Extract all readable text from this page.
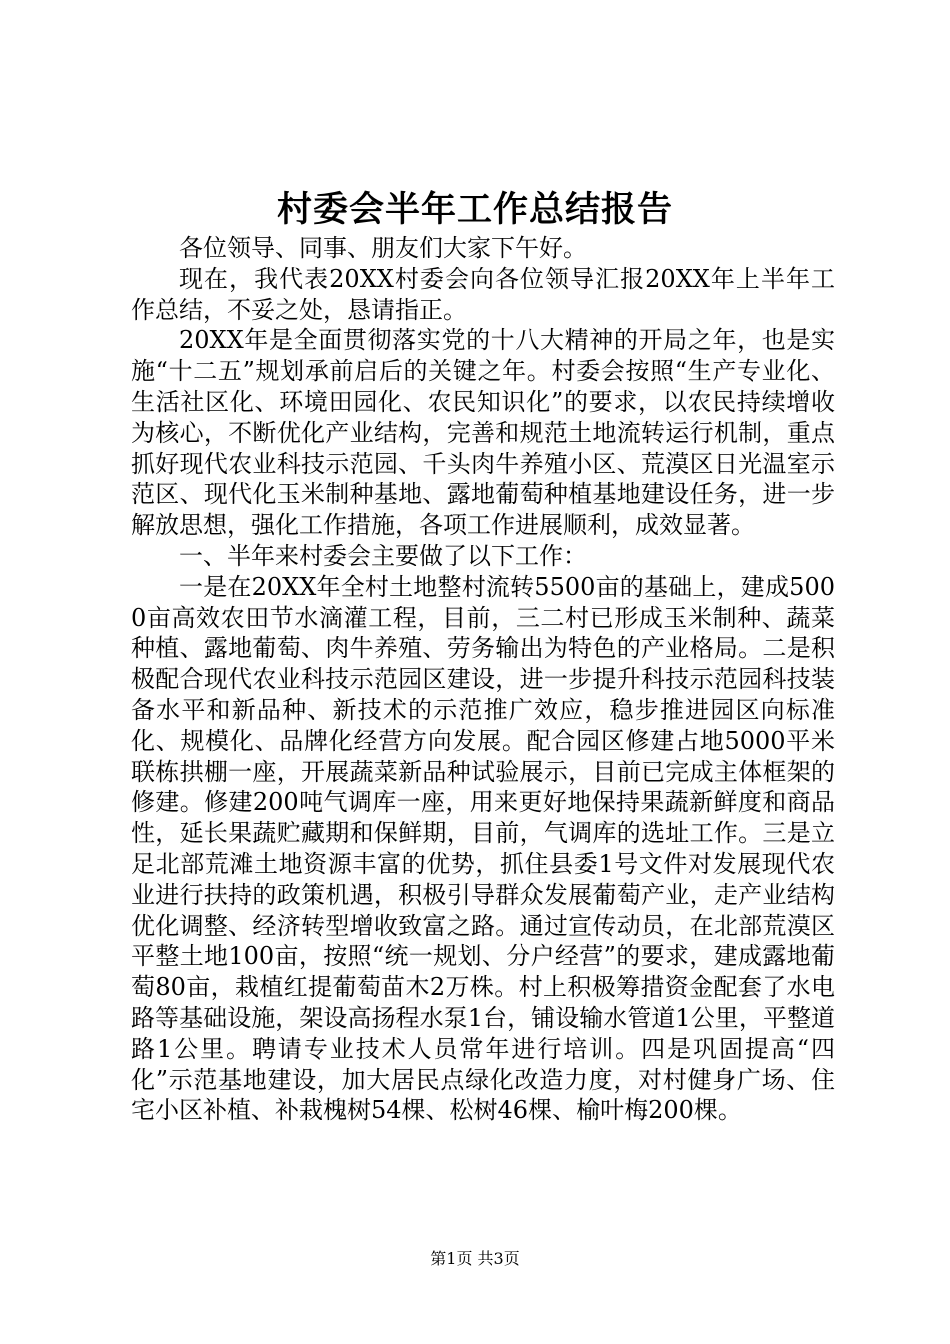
村委会半年工作总结报告

各位领导、同事、朋友们大家下午好。

现在，我代表20XX村委会向各位领导汇报20XX年上半年工作总结，不妥之处，恳请指正。

20XX年是全面贯彻落实党的十八大精神的开局之年，也是实施“十二五”规划承前启后的关键之年。村委会按照“生产专业化、生活社区化、环境田园化、农民知识化”的要求，以农民持续增收为核心，不断优化产业结构，完善和规范土地流转运行机制，重点抓好现代农业科技示范园、千头肉牛养殖小区、荒漠区日光温室示范区、现代化玉米制种基地、露地葡萄种植基地建设任务，进一步解放思想，强化工作措施，各项工作进展顺利，成效显著。

一、半年来村委会主要做了以下工作：

一是在20XX年全村土地整村流转5500亩的基础上，建成5000亩高效农田节水滴灌工程，目前，三二村已形成玉米制种、蔬菜种植、露地葡萄、肉牛养殖、劳务输出为特色的产业格局。二是积极配合现代农业科技示范园区建设，进一步提升科技示范园科技装备水平和新品种、新技术的示范推广效应，稳步推进园区向标准化、规模化、品牌化经营方向发展。配合园区修建占地5000平米联栋拱棚一座，开展蔬菜新品种试验展示，目前已完成主体框架的修建。修建200吨气调库一座，用来更好地保持果蔬新鲜度和商品性，延长果蔬贮藏期和保鲜期，目前，气调库的选址工作。三是立足北部荒滩土地资源丰富的优势，抓住县委1号文件对发展现代农业进行扶持的政策机遇，积极引导群众发展葡萄产业，走产业结构优化调整、经济转型增收致富之路。通过宣传动员，在北部荒漠区平整土地100亩，按照“统一规划、分户经营”的要求，建成露地葡萄80亩，栽植红提葡萄苗木2万株。村上积极筹措资金配套了水电路等基础设施，架设高扬程水泵1台，铺设输水管道1公里，平整道路1公里。聘请专业技术人员常年进行培训。四是巩固提高“四化”示范基地建设，加大居民点绿化改造力度，对村健身广场、住宅小区补植、补栽槐树54棵、松树46棵、榆叶梅200棵。

第1页 共3页
